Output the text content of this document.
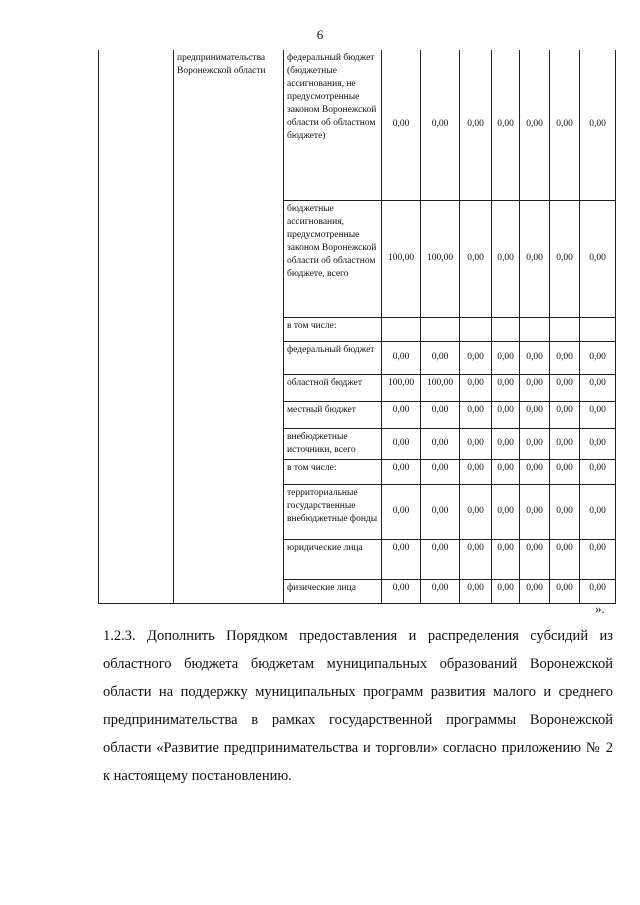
6
	предпринимательства Воронежской области	федеральный бюджет (бюджетные ассигнования, не предусмотренные законом Воронежской области об областном бюджете)	0,00	0,00	0,00	0,00	0,00	0,00	0,00
		бюджетные ассигнования, предусмотренные законом Воронежской области об областном бюджете, всего	100,00	100,00	0,00	0,00	0,00	0,00	0,00
		в том числе:							
		федеральный бюджет	0,00	0,00	0,00	0,00	0,00	0,00	0,00
		областной бюджет	100,00	100,00	0,00	0,00	0,00	0,00	0,00
		местный бюджет	0,00	0,00	0,00	0,00	0,00	0,00	0,00
		внебюджетные источники, всего	0,00	0,00	0,00	0,00	0,00	0,00	0,00
		в том числе:	0,00	0,00	0,00	0,00	0,00	0,00	0,00
		территориальные государственные внебюджетные фонды	0,00	0,00	0,00	0,00	0,00	0,00	0,00
		юридические лица	0,00	0,00	0,00	0,00	0,00	0,00	0,00
		физические лица	0,00	0,00	0,00	0,00	0,00	0,00	0,00
».

1.2.3. Дополнить Порядком предоставления и распределения субсидий из областного бюджета бюджетам муниципальных образований Воронежской области на поддержку муниципальных программ развития малого и среднего предпринимательства в рамках государственной программы Воронежской области «Развитие предпринимательства и торговли» согласно приложению № 2 к настоящему постановлению.
